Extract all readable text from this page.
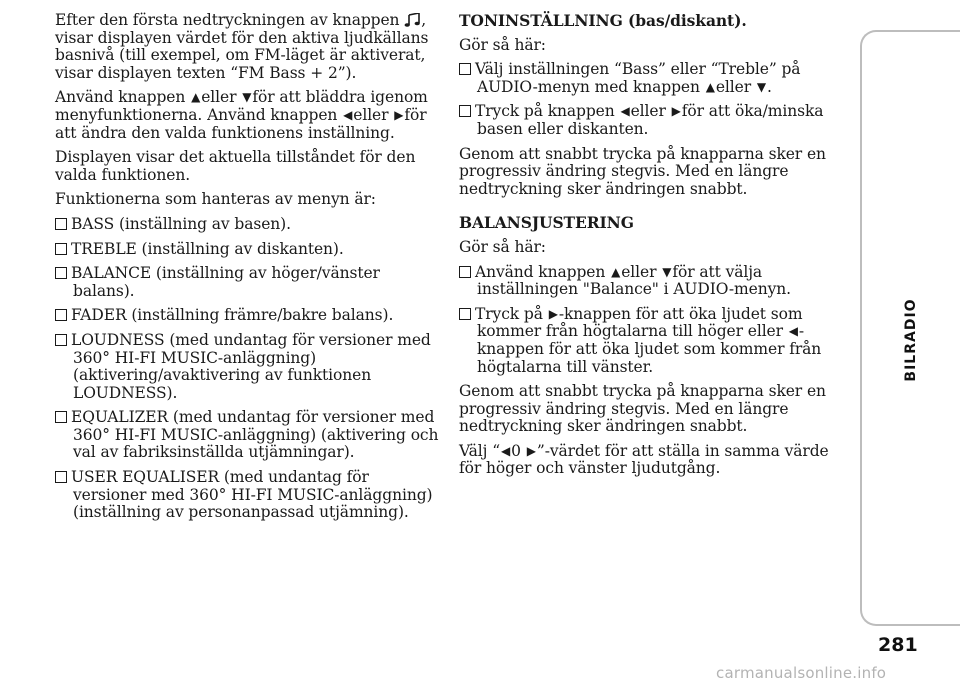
Efter den första nedtryckningen av knappen , visar displayen värdet för den aktiva ljudkällans basnivå (till exempel, om FM-läget är aktiverat, visar displayen texten “FM Bass + 2”).

Använd knappen ▲eller ▼för att bläddra igenom menyfunktionerna. Använd knappen ◀eller ▶för att ändra den valda funktionens inställning.

Displayen visar det aktuella tillståndet för den valda funktionen.

Funktionerna som hanteras av menyn är:

BASS (inställning av basen).
TREBLE (inställning av diskanten).
BALANCE (inställning av höger/vänster balans).
FADER (inställning främre/bakre balans).
LOUDNESS (med undantag för versioner med 360° HI-FI MUSIC-anläggning) (aktivering/avaktivering av funktionen LOUDNESS).
EQUALIZER (med undantag för versioner med 360° HI-FI MUSIC-anläggning) (aktivering och val av fabriksinställda utjämningar).
USER EQUALISER (med undantag för versioner med 360° HI-FI MUSIC-anläggning) (inställning av personanpassad utjämning).

TONINSTÄLLNING (bas/diskant).

Gör så här:

Välj inställningen “Bass” eller “Treble” på AUDIO-menyn med knappen ▲eller ▼.
Tryck på knappen ◀eller ▶för att öka/minska basen eller diskanten.

Genom att snabbt trycka på knapparna sker en progressiv ändring stegvis. Med en längre nedtryckning sker ändringen snabbt.

BALANSJUSTERING

Gör så här:

Använd knappen ▲eller ▼för att välja inställningen "Balance" i AUDIO-menyn.
Tryck på ▶-knappen för att öka ljudet som kommer från högtalarna till höger eller ◀-knappen för att öka ljudet som kommer från högtalarna till vänster.

Genom att snabbt trycka på knapparna sker en progressiv ändring stegvis. Med en längre nedtryckning sker ändringen snabbt.

Välj “◀0 ▶”-värdet för att ställa in samma värde för höger och vänster ljudutgång.

BILRADIO
281
carmanualsonline.info
